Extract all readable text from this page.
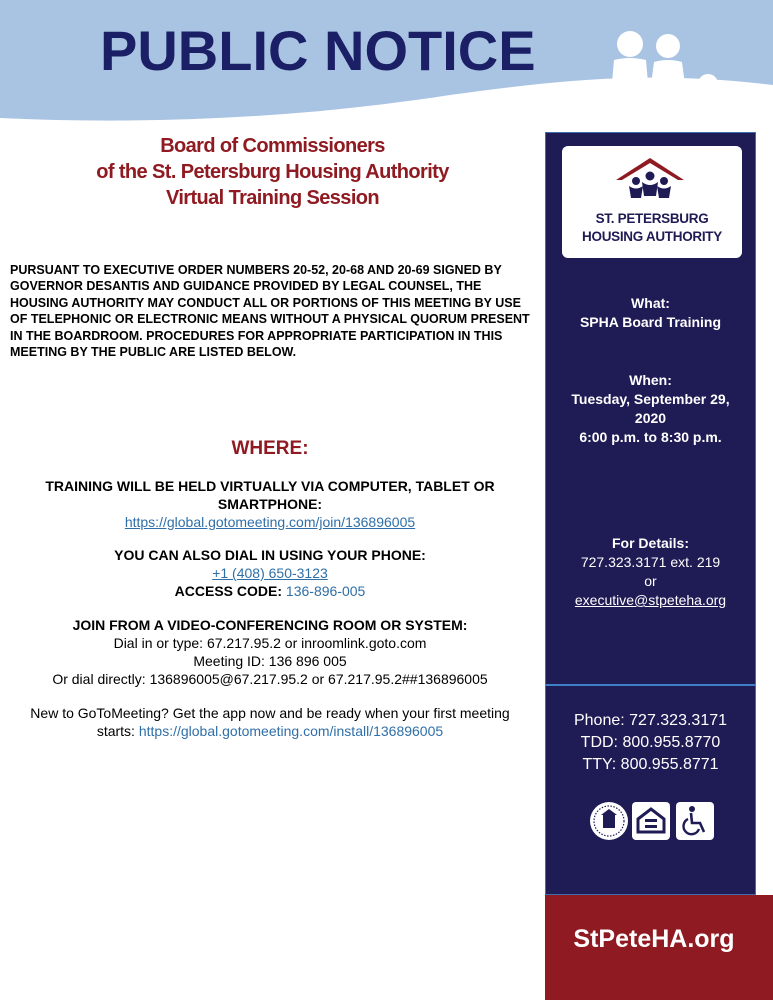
PUBLIC NOTICE
Board of Commissioners
of the St. Petersburg Housing Authority
Virtual Training Session
PURSUANT TO EXECUTIVE ORDER NUMBERS 20-52, 20-68 AND 20-69 SIGNED BY GOVERNOR DESANTIS AND GUIDANCE PROVIDED BY LEGAL COUNSEL, THE HOUSING AUTHORITY MAY CONDUCT ALL OR PORTIONS OF THIS MEETING BY USE OF TELEPHONIC OR ELECTRONIC MEANS WITHOUT A PHYSICAL QUORUM PRESENT IN THE BOARDROOM. PROCEDURES FOR APPROPRIATE PARTICIPATION IN THIS MEETING BY THE PUBLIC ARE LISTED BELOW.
WHERE:
TRAINING WILL BE HELD VIRTUALLY VIA COMPUTER, TABLET OR
SMARTPHONE:
https://global.gotomeeting.com/join/136896005
YOU CAN ALSO DIAL IN USING YOUR PHONE:
+1 (408) 650-3123
ACCESS CODE: 136-896-005
JOIN FROM A VIDEO-CONFERENCING ROOM OR SYSTEM:
Dial in or type: 67.217.95.2 or inroomlink.goto.com
Meeting ID: 136 896 005
Or dial directly: 136896005@67.217.95.2 or 67.217.95.2##136896005
New to GoToMeeting? Get the app now and be ready when your first meeting
starts: https://global.gotomeeting.com/install/136896005
ST. PETERSBURG
HOUSING AUTHORITY
What:
SPHA Board Training
When:
Tuesday, September 29,
2020
6:00 p.m. to 8:30 p.m.
For Details:
727.323.3171 ext. 219
or
executive@stpeteha.org
Phone: 727.323.3171
TDD: 800.955.8770
TTY: 800.955.8771
StPeteHA.org
